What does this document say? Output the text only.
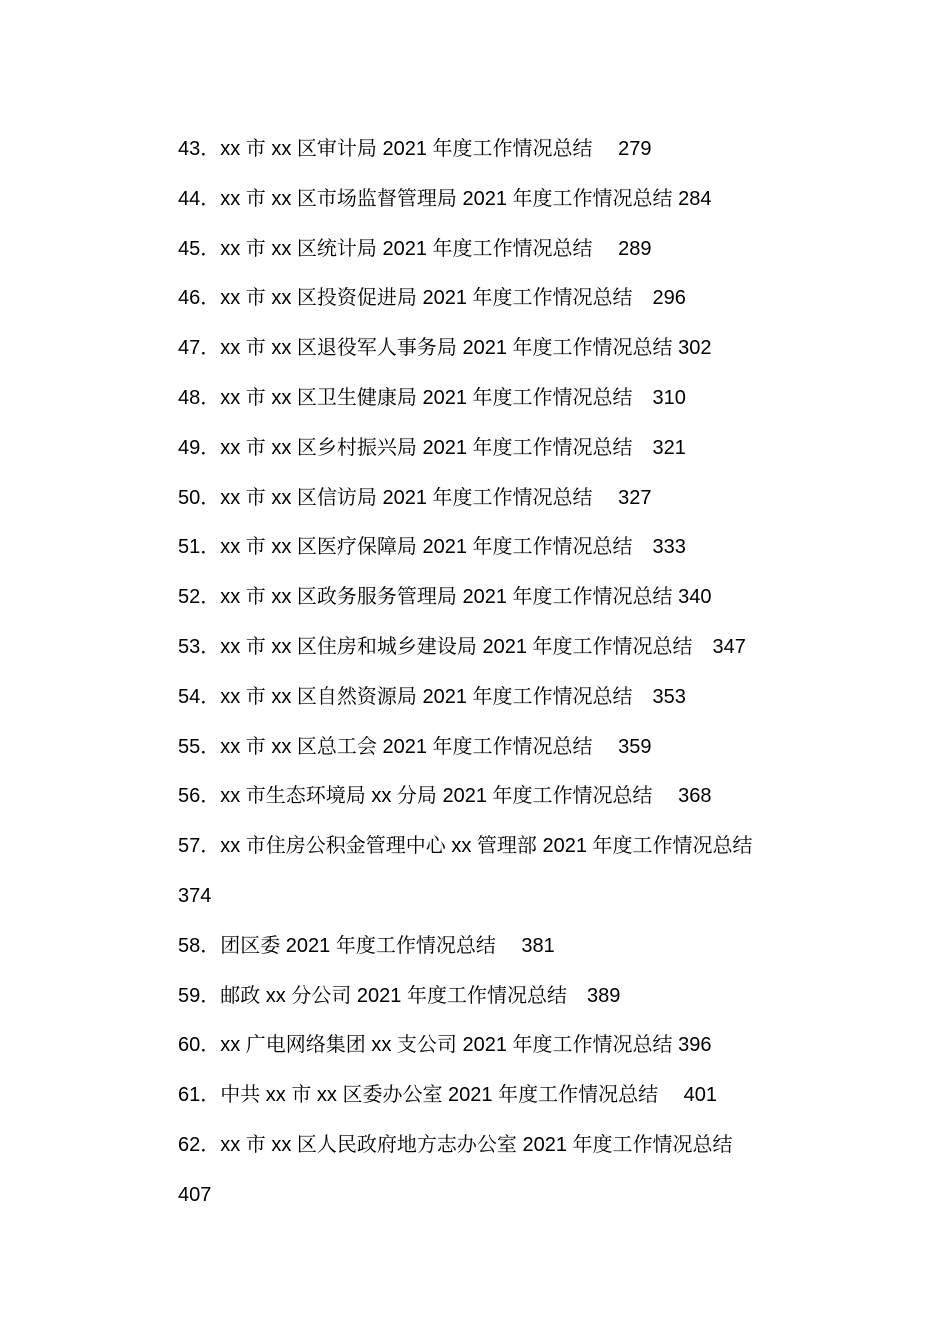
43．xx 市 xx 区审计局 2021 年度工作情况总结　 279
44．xx 市 xx 区市场监督管理局 2021 年度工作情况总结 284
45．xx 市 xx 区统计局 2021 年度工作情况总结　 289
46．xx 市 xx 区投资促进局 2021 年度工作情况总结　296
47．xx 市 xx 区退役军人事务局 2021 年度工作情况总结 302
48．xx 市 xx 区卫生健康局 2021 年度工作情况总结　310
49．xx 市 xx 区乡村振兴局 2021 年度工作情况总结　321
50．xx 市 xx 区信访局 2021 年度工作情况总结　 327
51．xx 市 xx 区医疗保障局 2021 年度工作情况总结　333
52．xx 市 xx 区政务服务管理局 2021 年度工作情况总结 340
53．xx 市 xx 区住房和城乡建设局 2021 年度工作情况总结　347
54．xx 市 xx 区自然资源局 2021 年度工作情况总结　353
55．xx 市 xx 区总工会 2021 年度工作情况总结　 359
56．xx 市生态环境局 xx 分局 2021 年度工作情况总结　 368
57．xx 市住房公积金管理中心 xx 管理部 2021 年度工作情况总结
374
58．团区委 2021 年度工作情况总结　 381
59．邮政 xx 分公司 2021 年度工作情况总结　389
60．xx 广电网络集团 xx 支公司 2021 年度工作情况总结 396
61．中共 xx 市 xx 区委办公室 2021 年度工作情况总结　 401
62．xx 市 xx 区人民政府地方志办公室 2021 年度工作情况总结
407
